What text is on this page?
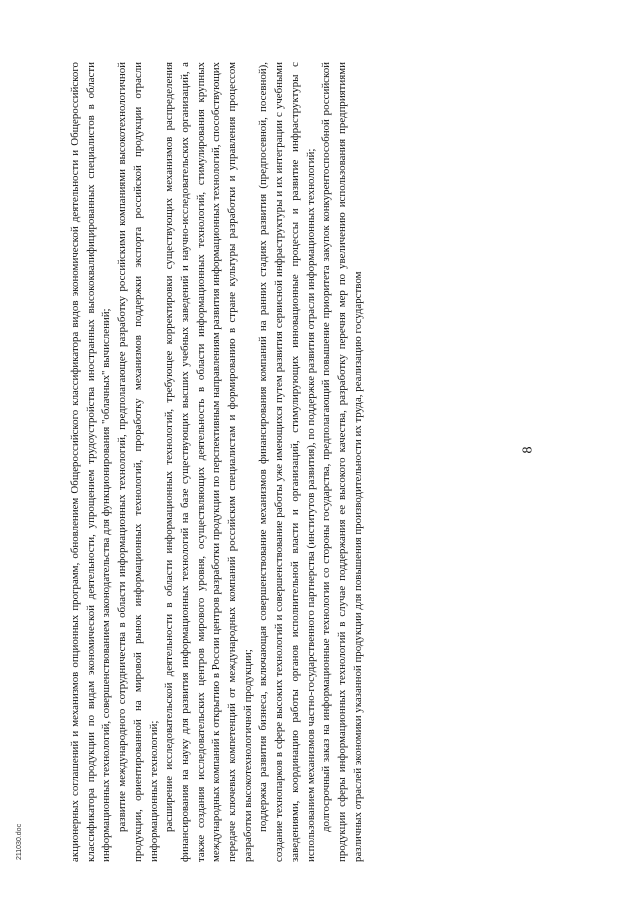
8

акционерных соглашений и механизмов опционных программ, обновлением Общероссийского классификатора видов экономической деятельности и Общероссийского классификатора продукции по видам экономической деятельности, упрощением трудоустройства иностранных высококвалифицированных специалистов в области информационных технологий, совершенствованием законодательства для функционирования "облачных" вычислений; развитие международного сотрудничества в области информационных технологий, предполагающее разработку российскими компаниями высокотехнологичной продукции, ориентированной на мировой рынок информационных технологий, проработку механизмов поддержки экспорта российской продукции отрасли информационных технологий; расширение исследовательской деятельности в области информационных технологий, требующее корректировки существующих механизмов распределения финансирования на науку для развития информационных технологий на базе существующих высших учебных заведений и научно-исследовательских организаций, а также создания исследовательских центров мирового уровня, осуществляющих деятельность в области информационных технологий, стимулирования крупных международных компаний к открытию в России центров разработки продукции по перспективным направлениям развития информационных технологий, способствующих передаче ключевых компетенций от международных компаний российским специалистам и формированию в стране культуры разработки и управления процессом разработки высокотехнологичной продукции; поддержка развития бизнеса, включающая совершенствование механизмов финансирования компаний на ранних стадиях развития (предпосевной, посевной), создание технопарков в сфере высоких технологий и совершенствование работы уже имеющихся путем развития сервисной инфраструктуры и их интеграции с учебными заведениями, координацию работы органов исполнительной власти и организаций, стимулирующих инновационные процессы и развитие инфраструктуры с использованием механизмов частно-государственного партнерства (институтов развития), по поддержке развития отрасли информационных технологий; долгосрочный заказ на информационные технологии со стороны государства, предполагающий повышение приоритета закупок конкурентоспособной российской продукции сферы информационных технологий в случае поддержания ее высокого качества, разработку перечня мер по увеличению использования предприятиями различных отраслей экономики указанной продукции для повышения производительности их труда, реализацию государством

211030.doc
